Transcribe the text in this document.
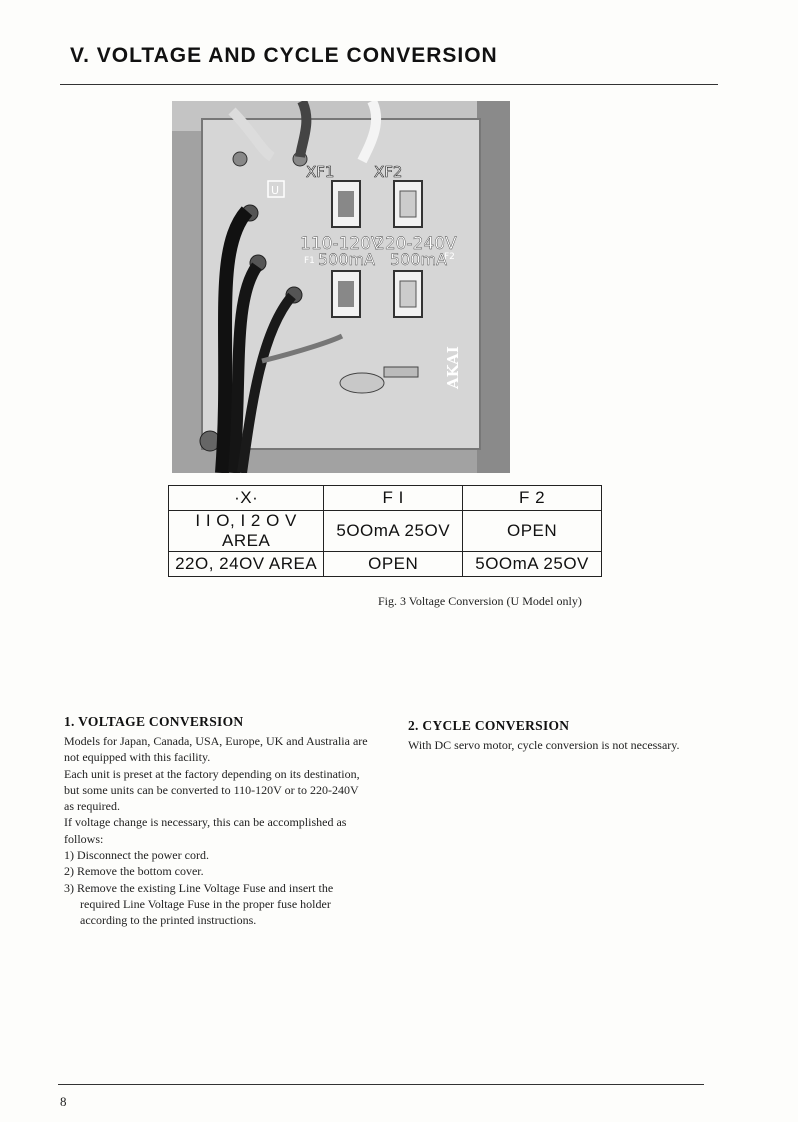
V. VOLTAGE AND CYCLE CONVERSION
XF1	XF2
U
110-120V
220-240V
F1 500mA 500mA
F2
AKAI
·X·	F I	F 2
I I O, I 2 O V AREA	5OOmA 25OV	OPEN
22O, 24OV AREA	OPEN	5OOmA 25OV
Fig. 3 Voltage Conversion (U Model only)
1. VOLTAGE CONVERSION

Models for Japan, Canada, USA, Europe, UK and Australia are not equipped with this facility.

Each unit is preset at the factory depending on its destination, but some units can be converted to 110-120V or to 220-240V as required.

If voltage change is necessary, this can be accomplished as follows:

1) Disconnect the power cord.
2) Remove the bottom cover.
3) Remove the existing Line Voltage Fuse and insert the required Line Voltage Fuse in the proper fuse holder according to the printed instructions.
2. CYCLE CONVERSION

With DC servo motor, cycle conversion is not necessary.

8
